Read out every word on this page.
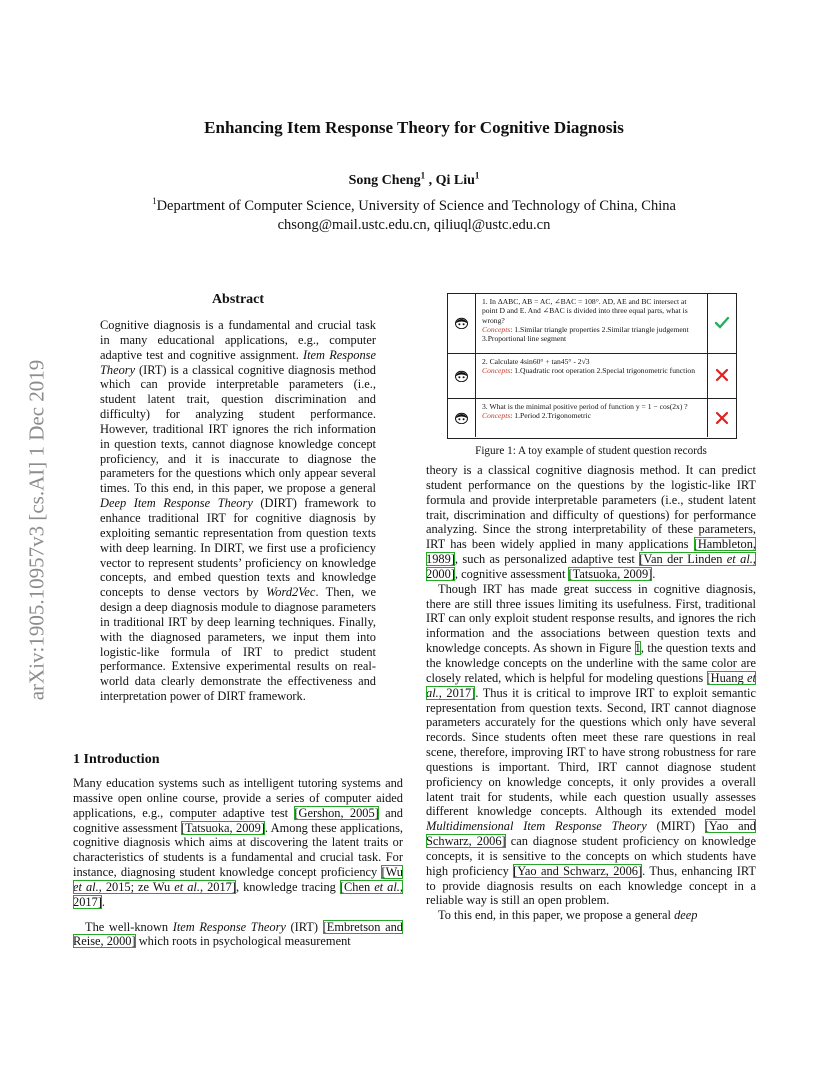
Enhancing Item Response Theory for Cognitive Diagnosis
Song Cheng$^1$ , Qi Liu$^1$
$^1$Department of Computer Science, University of Science and Technology of China, China
chsong@mail.ustc.edu.cn, qiliuql@ustc.edu.cn
arXiv:1905.10957v3 [cs.AI] 1 Dec 2019
Abstract

Cognitive diagnosis is a fundamental and crucial task in many educational applications, e.g., computer adaptive test and cognitive assignment. Item Response Theory (IRT) is a classical cognitive diagnosis method which can provide interpretable parameters (i.e., student latent trait, question discrimination and difficulty) for analyzing student performance. However, traditional IRT ignores the rich information in question texts, cannot diagnose knowledge concept proficiency, and it is inaccurate to diagnose the parameters for the questions which only appear several times. To this end, in this paper, we propose a general Deep Item Response Theory (DIRT) framework to enhance traditional IRT for cognitive diagnosis by exploiting semantic representation from question texts with deep learning. In DIRT, we first use a proficiency vector to represent students’ proficiency on knowledge concepts, and embed question texts and knowledge concepts to dense vectors by Word2Vec. Then, we design a deep diagnosis module to diagnose parameters in traditional IRT by deep learning techniques. Finally, with the diagnosed parameters, we input them into logistic-like formula of IRT to predict student performance. Extensive experimental results on real-world data clearly demonstrate the effectiveness and interpretation power of DIRT framework.

1 Introduction

Many education systems such as intelligent tutoring systems and massive open online course, provide a series of computer aided applications, e.g., computer adaptive test [Gershon, 2005] and cognitive assessment [Tatsuoka, 2009]. Among these applications, cognitive diagnosis which aims at discovering the latent traits or characteristics of students is a fundamental and crucial task. For instance, diagnosing student knowledge concept proficiency [Wu et al., 2015; ze Wu et al., 2017], knowledge tracing [Chen et al., 2017].

The well-known Item Response Theory (IRT) [Embretson and Reise, 2000] which roots in psychological measurement

1. In ΔABC, AB = AC, ∠BAC = 108°. AD, AE and BC intersect at point D and E. And ∠BAC is divided into three equal parts, what is wrong?
Concepts: 1.Similar triangle properties 2.Similar triangle judgement 3.Proportional line segment
2. Calculate 4sin60° + tan45° - 2√3
Concepts: 1.Quadratic root operation 2.Special trigonometric function
3. What is the minimal positive period of function y = 1 − cos(2x) ?
Concepts: 1.Period 2.Trigonometric
Figure 1: A toy example of student question records

theory is a classical cognitive diagnosis method. It can predict student performance on the questions by the logistic-like IRT formula and provide interpretable parameters (i.e., student latent trait, discrimination and difficulty of questions) for performance analyzing. Since the strong interpretability of these parameters, IRT has been widely applied in many applications [Hambleton, 1989], such as personalized adaptive test [Van der Linden et al., 2000], cognitive assessment [Tatsuoka, 2009].

Though IRT has made great success in cognitive diagnosis, there are still three issues limiting its usefulness. First, traditional IRT can only exploit student response results, and ignores the rich information and the associations between question texts and knowledge concepts. As shown in Figure 1, the question texts and the knowledge concepts on the underline with the same color are closely related, which is helpful for modeling questions [Huang et al., 2017]. Thus it is critical to improve IRT to exploit semantic representation from question texts. Second, IRT cannot diagnose parameters accurately for the questions which only have several records. Since students often meet these rare questions in real scene, therefore, improving IRT to have strong robustness for rare questions is important. Third, IRT cannot diagnose student proficiency on knowledge concepts, it only provides a overall latent trait for students, while each question usually assesses different knowledge concepts. Although its extended model Multidimensional Item Response Theory (MIRT) [Yao and Schwarz, 2006] can diagnose student proficiency on knowledge concepts, it is sensitive to the concepts on which students have high proficiency [Yao and Schwarz, 2006]. Thus, enhancing IRT to provide diagnosis results on each knowledge concept in a reliable way is still an open problem.

To this end, in this paper, we propose a general deep
